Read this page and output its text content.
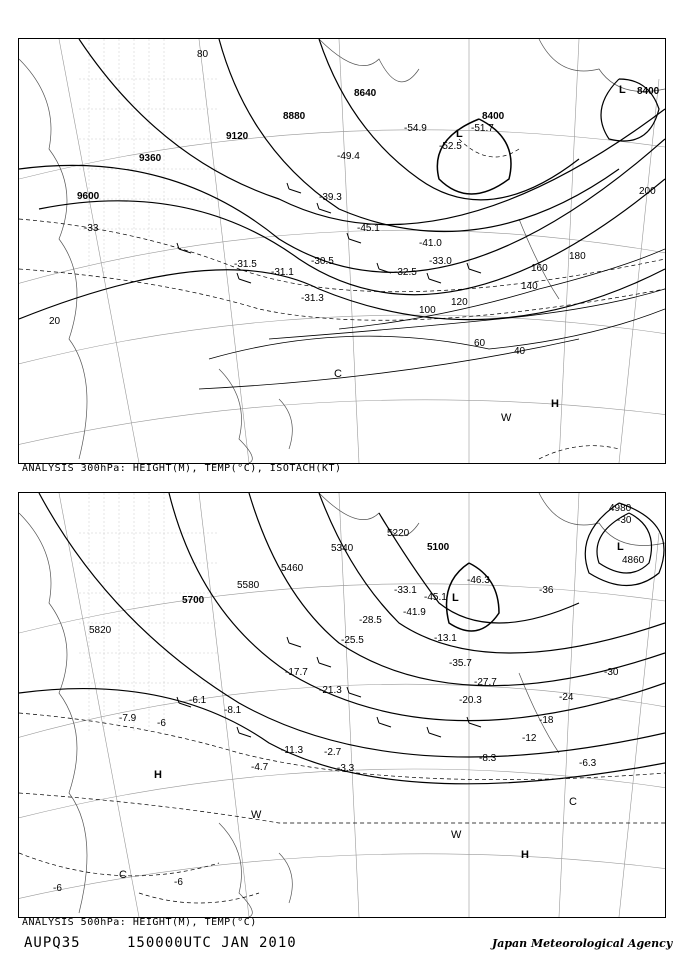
9600
9360
9120
8880
8640
8400
8400
20
40
60
80
100
120
140
160
180
200
-31.5
-31.1
-30.5
-31.3
-32.5
-33.0
-41.0
-51.7
-52.5
-54.9
-49.4
-39.3
-45.1
-33
L
L
C
W
H
ANALYSIS 300hPa: HEIGHT(M), TEMP(°C), ISOTACH(KT)
5820
5700
5580
5460
5340
5220
5100
4980
4860
-6
-12
-18
-24
-30
-36
-30
-6
-6
-7.9
-6.1
-8.1
-11.3
-17.7
-21.3
-25.5
-28.5
-33.1
-41.9
-45.1
-46.3
-35.7
-27.7
-20.3
-13.1
-8.3	-6.3
-3.3
-2.7
-4.7
L
L
H
H
W
W
C
C
ANALYSIS 500hPa: HEIGHT(M), TEMP(°C)
AUPQ35	150000UTC JAN 2010	Japan Meteorological Agency
